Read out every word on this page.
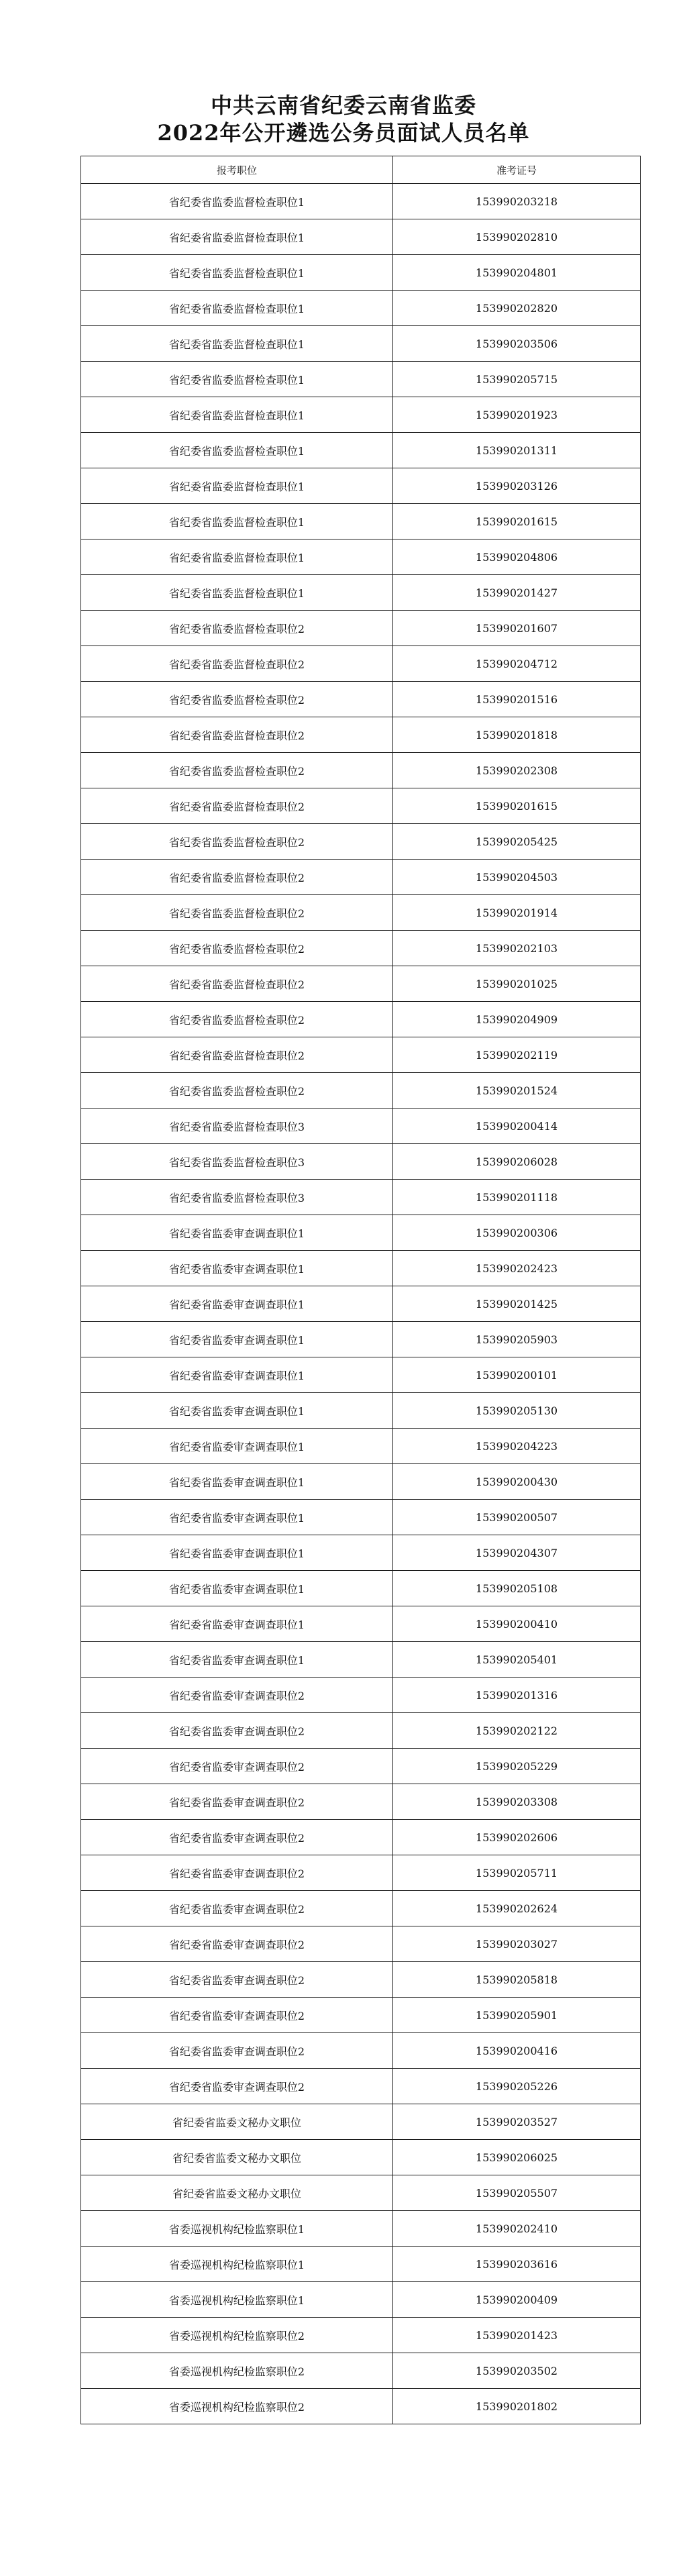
中共云南省纪委云南省监委
2022年公开遴选公务员面试人员名单
报考职位	准考证号
省纪委省监委监督检查职位1	153990203218
省纪委省监委监督检查职位1	153990202810
省纪委省监委监督检查职位1	153990204801
省纪委省监委监督检查职位1	153990202820
省纪委省监委监督检查职位1	153990203506
省纪委省监委监督检查职位1	153990205715
省纪委省监委监督检查职位1	153990201923
省纪委省监委监督检查职位1	153990201311
省纪委省监委监督检查职位1	153990203126
省纪委省监委监督检查职位1	153990201615
省纪委省监委监督检查职位1	153990204806
省纪委省监委监督检查职位1	153990201427
省纪委省监委监督检查职位2	153990201607
省纪委省监委监督检查职位2	153990204712
省纪委省监委监督检查职位2	153990201516
省纪委省监委监督检查职位2	153990201818
省纪委省监委监督检查职位2	153990202308
省纪委省监委监督检查职位2	153990201615
省纪委省监委监督检查职位2	153990205425
省纪委省监委监督检查职位2	153990204503
省纪委省监委监督检查职位2	153990201914
省纪委省监委监督检查职位2	153990202103
省纪委省监委监督检查职位2	153990201025
省纪委省监委监督检查职位2	153990204909
省纪委省监委监督检查职位2	153990202119
省纪委省监委监督检查职位2	153990201524
省纪委省监委监督检查职位3	153990200414
省纪委省监委监督检查职位3	153990206028
省纪委省监委监督检查职位3	153990201118
省纪委省监委审查调查职位1	153990200306
省纪委省监委审查调查职位1	153990202423
省纪委省监委审查调查职位1	153990201425
省纪委省监委审查调查职位1	153990205903
省纪委省监委审查调查职位1	153990200101
省纪委省监委审查调查职位1	153990205130
省纪委省监委审查调查职位1	153990204223
省纪委省监委审查调查职位1	153990200430
省纪委省监委审查调查职位1	153990200507
省纪委省监委审查调查职位1	153990204307
省纪委省监委审查调查职位1	153990205108
省纪委省监委审查调查职位1	153990200410
省纪委省监委审查调查职位1	153990205401
省纪委省监委审查调查职位2	153990201316
省纪委省监委审查调查职位2	153990202122
省纪委省监委审查调查职位2	153990205229
省纪委省监委审查调查职位2	153990203308
省纪委省监委审查调查职位2	153990202606
省纪委省监委审查调查职位2	153990205711
省纪委省监委审查调查职位2	153990202624
省纪委省监委审查调查职位2	153990203027
省纪委省监委审查调查职位2	153990205818
省纪委省监委审查调查职位2	153990205901
省纪委省监委审查调查职位2	153990200416
省纪委省监委审查调查职位2	153990205226
省纪委省监委文秘办文职位	153990203527
省纪委省监委文秘办文职位	153990206025
省纪委省监委文秘办文职位	153990205507
省委巡视机构纪检监察职位1	153990202410
省委巡视机构纪检监察职位1	153990203616
省委巡视机构纪检监察职位1	153990200409
省委巡视机构纪检监察职位2	153990201423
省委巡视机构纪检监察职位2	153990203502
省委巡视机构纪检监察职位2	153990201802
